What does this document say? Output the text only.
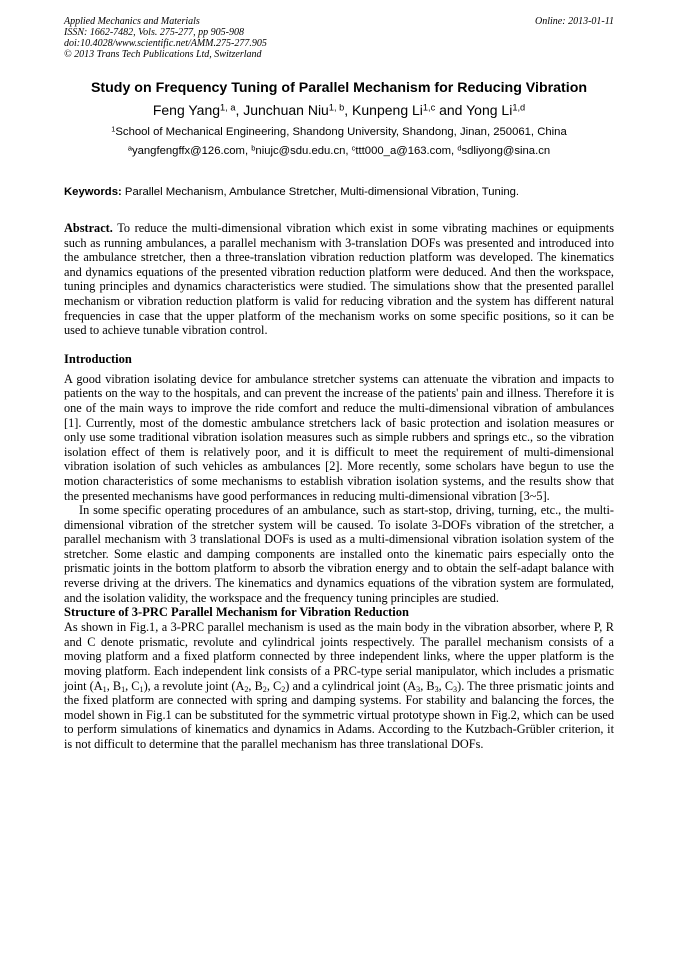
Applied Mechanics and Materials
ISSN: 1662-7482, Vols. 275-277, pp 905-908
doi:10.4028/www.scientific.net/AMM.275-277.905
© 2013 Trans Tech Publications Ltd, Switzerland
Online: 2013-01-11
Study on Frequency Tuning of Parallel Mechanism for Reducing Vibration
Feng Yang$^{1, a}$, Junchuan Niu$^{1, b}$, Kunpeng Li$^{1,c}$ and Yong Li$^{1,d}$
$^1$School of Mechanical Engineering, Shandong University, Shandong, Jinan, 250061, China
$^a$yangfengffx@126.com, $^b$niujc@sdu.edu.cn, $^c$ttt000_a@163.com, $^d$sdliyong@sina.cn
Keywords: Parallel Mechanism, Ambulance Stretcher, Multi-dimensional Vibration, Tuning.

Abstract. To reduce the multi-dimensional vibration which exist in some vibrating machines or equipments such as running ambulances, a parallel mechanism with 3-translation DOFs was presented and introduced into the ambulance stretcher, then a three-translation vibration reduction platform was developed. The kinematics and dynamics equations of the presented vibration reduction platform were deduced. And then the workspace, tuning principles and dynamics characteristics were studied. The simulations show that the presented parallel mechanism or vibration reduction platform is valid for reducing vibration and the system has different natural frequencies in case that the upper platform of the mechanism works on some specific positions, so it can be used to achieve tunable vibration control.

Introduction

A good vibration isolating device for ambulance stretcher systems can attenuate the vibration and impacts to patients on the way to the hospitals, and can prevent the increase of the patients' pain and illness. Therefore it is one of the main ways to improve the ride comfort and reduce the multi-dimensional vibration of ambulances [1]. Currently, most of the domestic ambulance stretchers lack of basic protection and isolation measures or only use some traditional vibration isolation measures such as simple rubbers and springs etc., so the vibration isolation effect of them is relatively poor, and it is difficult to meet the requirement of multi-dimensional vibration isolation of such vehicles as ambulances [2]. More recently, some scholars have begun to use the motion characteristics of some mechanisms to establish vibration isolation systems, and the results show that the presented mechanisms have good performances in reducing multi-dimensional vibration [3~5].

In some specific operating procedures of an ambulance, such as start-stop, driving, turning, etc., the multi-dimensional vibration of the stretcher system will be caused. To isolate 3-DOFs vibration of the stretcher, a parallel mechanism with 3 translational DOFs is used as a multi-dimensional vibration isolation system of the stretcher. Some elastic and damping components are installed onto the kinematic pairs especially onto the prismatic joints in the bottom platform to absorb the vibration energy and to obtain the self-adapt balance with reverse driving at the drivers. The kinematics and dynamics equations of the vibration system are formulated, and the isolation validity, the workspace and the frequency tuning principles are studied.

Structure of 3-PRC Parallel Mechanism for Vibration Reduction

As shown in Fig.1, a 3-PRC parallel mechanism is used as the main body in the vibration absorber, where P, R and C denote prismatic, revolute and cylindrical joints respectively. The parallel mechanism consists of a moving platform and a fixed platform connected by three independent links, where the upper platform is the moving platform. Each independent link consists of a PRC-type serial manipulator, which includes a prismatic joint ($A_1$, $B_1$, $C_1$), a revolute joint ($A_2$, $B_2$, $C_2$) and a cylindrical joint ($A_3$, $B_3$, $C_3$). The three prismatic joints and the fixed platform are connected with spring and damping systems. For stability and balancing the forces, the model shown in Fig.1 can be substituted for the symmetric virtual prototype shown in Fig.2, which can be used to perform simulations of kinematics and dynamics in Adams. According to the Kutzbach-Grübler criterion, it is not difficult to determine that the parallel mechanism has three translational DOFs.
